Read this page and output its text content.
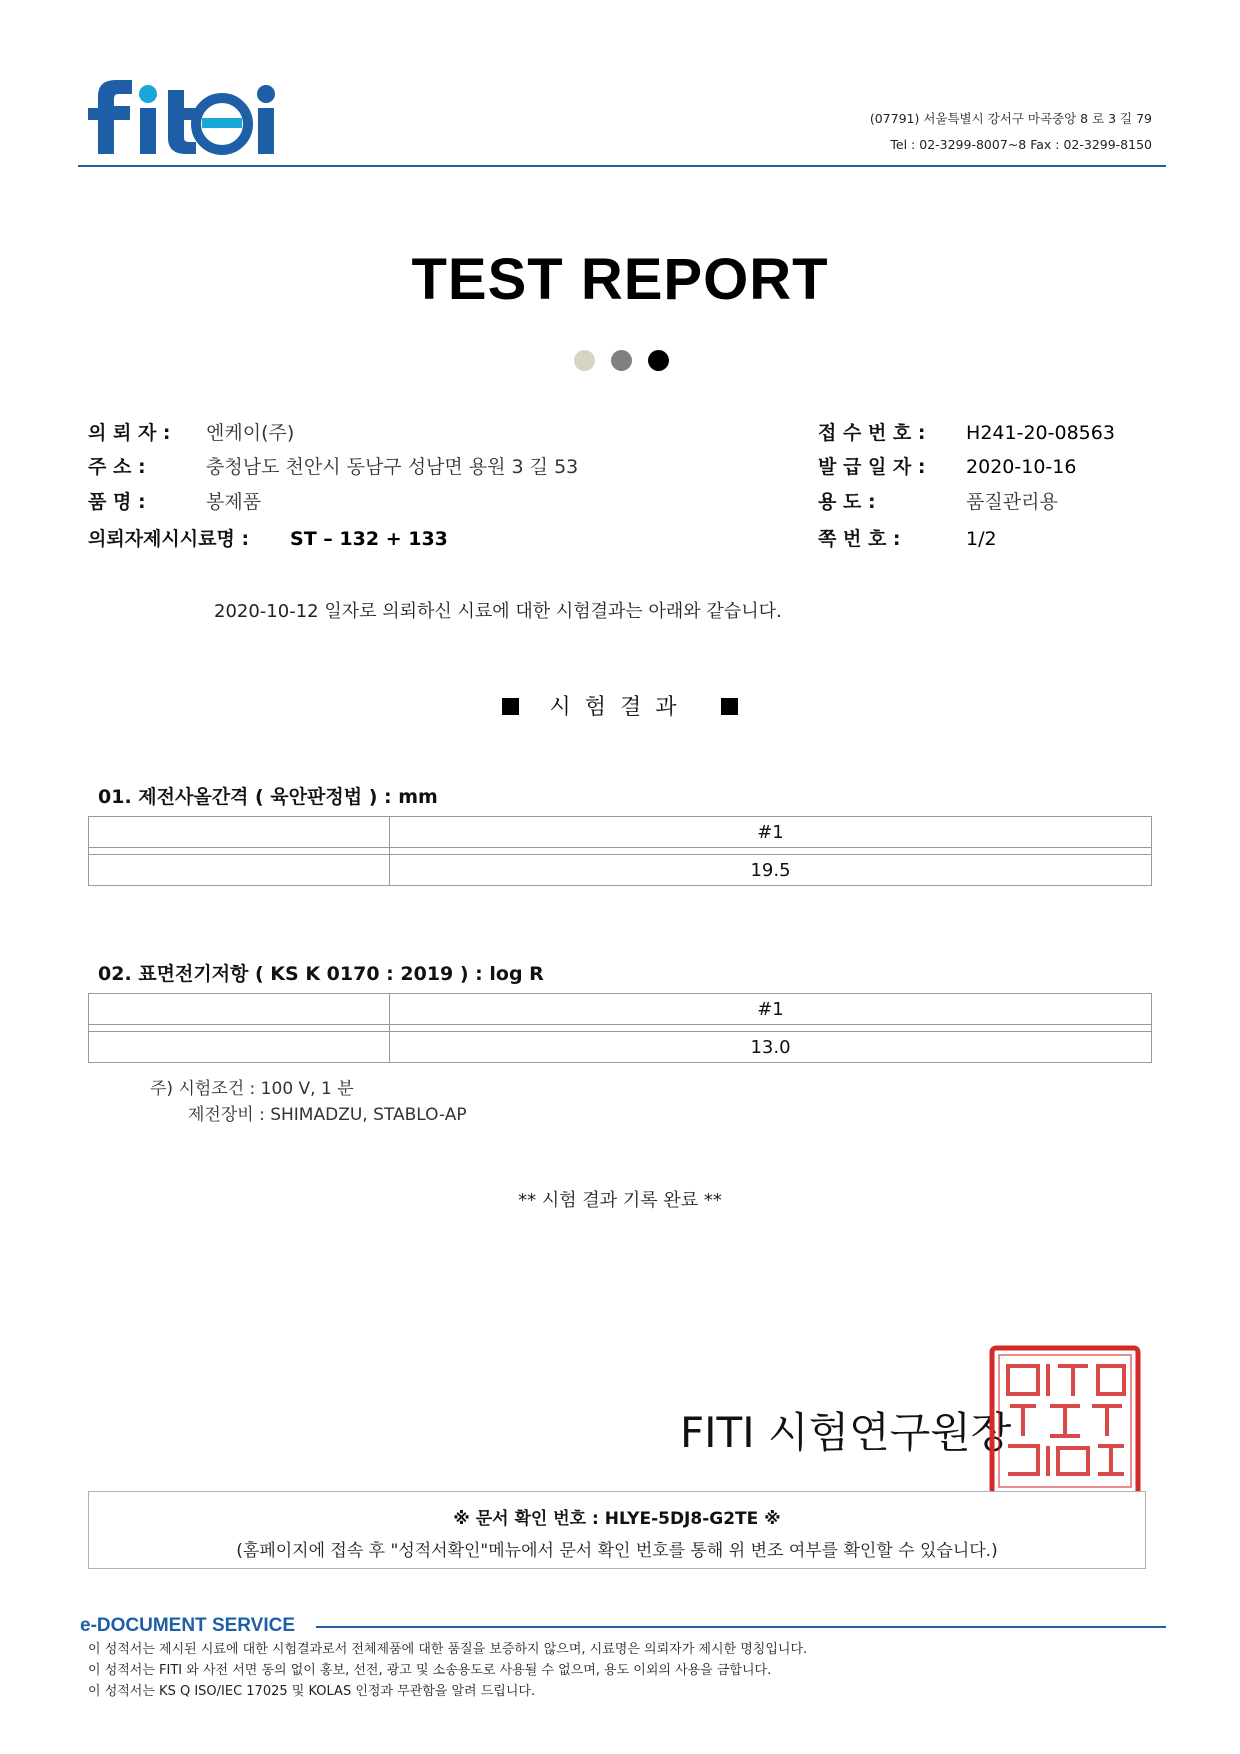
(07791) 서울특별시 강서구 마곡중앙 8 로 3 길 79
Tel : 02-3299-8007~8 Fax : 02-3299-8150
TEST REPORT
의 뢰 자 : 엔케이(주)
주 소 :	충청남도 천안시 동남구 성남면 용원 3 길 53
품 명 :	봉제품
의뢰자제시시료명 : ST – 132 + 133
접 수 번 호 : H241-20-08563
발 급 일 자 : 2020-10-16
용 도 :	품질관리용
쪽 번 호 :	1/2
2020-10-12 일자로 의뢰하신 시료에 대한 시험결과는 아래와 같습니다.
시험결과
01. 제전사올간격 ( 육안판정법 ) : mm
	#1

	19.5
02. 표면전기저항 ( KS K 0170 : 2019 ) : log R
	#1

	13.0
주) 시험조건 : 100 V, 1 분
제전장비 : SHIMADZU, STABLO-AP
** 시험 결과 기록 완료 **
FITI 시험연구원장
※ 문서 확인 번호 : HLYE-5DJ8-G2TE ※
(홈페이지에 접속 후 "성적서확인"메뉴에서 문서 확인 번호를 통해 위 변조 여부를 확인할 수 있습니다.)
e-DOCUMENT SERVICE
이 성적서는 제시된 시료에 대한 시험결과로서 전체제품에 대한 품질을 보증하지 않으며, 시료명은 의뢰자가 제시한 명칭입니다.
이 성적서는 FITI 와 사전 서면 동의 없이 홍보, 선전, 광고 및 소송용도로 사용될 수 없으며, 용도 이외의 사용을 금합니다.
이 성적서는 KS Q ISO/IEC 17025 및 KOLAS 인정과 무관함을 알려 드립니다.
